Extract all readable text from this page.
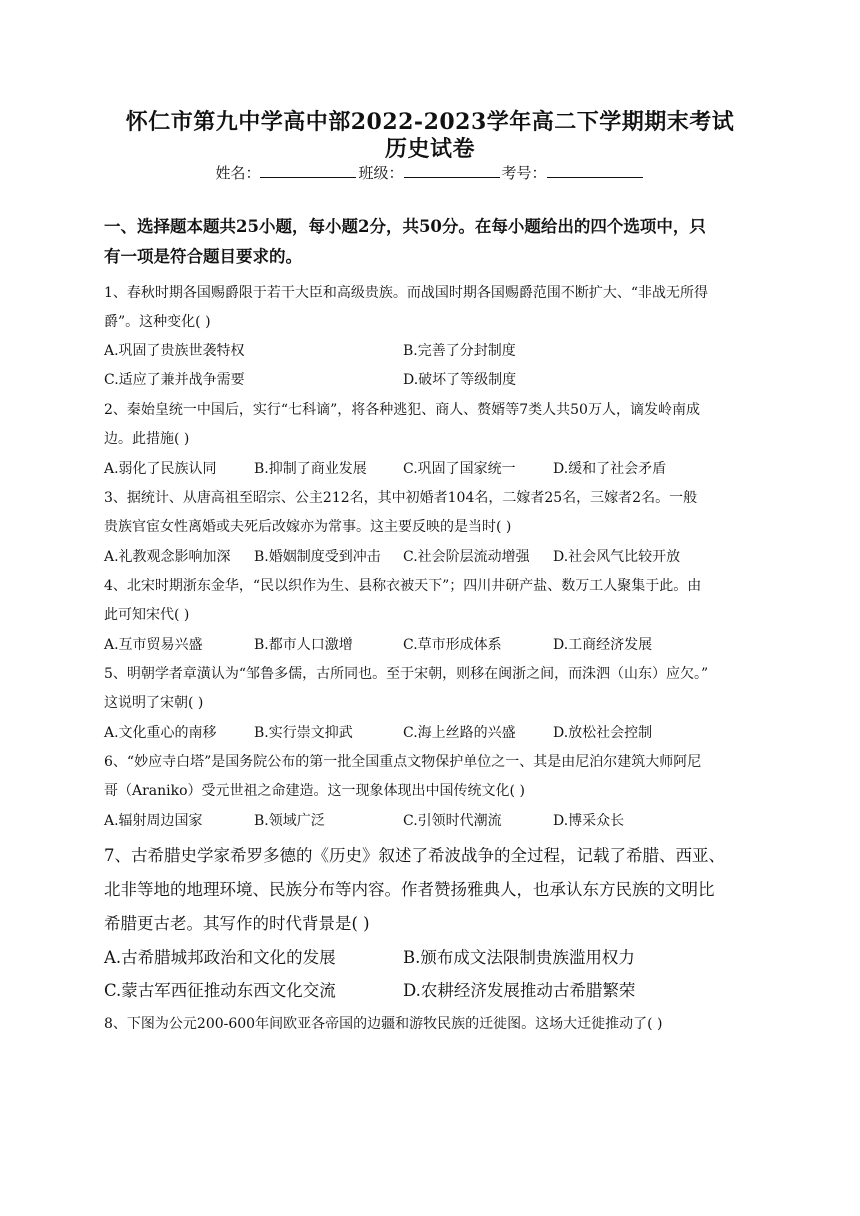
怀仁市第九中学高中部2022-2023学年高二下学期期末考试
历史试卷
姓名：	班级：	考号：
一、选择题本题共25小题，每小题2分，共50分。在每小题给出的四个选项中，只
有一项是符合题目要求的。
1、春秋时期各国赐爵限于若干大臣和高级贵族。而战国时期各国赐爵范围不断扩大、“非战无所得
爵”。这种变化( )
A.巩固了贵族世袭特权	B.完善了分封制度
C.适应了兼并战争需要	D.破坏了等级制度
2、秦始皇统一中国后，实行“七科谪”，将各种逃犯、商人、赘婿等7类人共50万人，谪发岭南成
边。此措施( )
A.弱化了民族认同	B.抑制了商业发展	C.巩固了国家统一	D.缓和了社会矛盾
3、据统计、从唐高祖至昭宗、公主212名，其中初婚者104名，二嫁者25名，三嫁者2名。一般
贵族官宦女性离婚或夫死后改嫁亦为常事。这主要反映的是当时( )
A.礼教观念影响加深 B.婚姻制度受到冲击 C.社会阶层流动增强 D.社会风气比较开放
4、北宋时期浙东金华，“民以织作为生、县称衣被天下”；四川井研产盐、数万工人聚集于此。由
此可知宋代( )
A.互市贸易兴盛	B.都市人口激增	C.草市形成体系	D.工商经济发展
5、明朝学者章潢认为“邹鲁多儒，古所同也。至于宋朝，则移在闽浙之间，而洙泗（山东）应欠。”
这说明了宋朝( )
A.文化重心的南移	B.实行崇文抑武	C.海上丝路的兴盛	D.放松社会控制
6、“妙应寺白塔”是国务院公布的第一批全国重点文物保护单位之一、其是由尼泊尔建筑大师阿尼
哥（Araniko）受元世祖之命建造。这一现象体现出中国传统文化( )
A.辐射周边国家	B.领域广泛	C.引领时代潮流	D.博采众长
7、古希腊史学家希罗多德的《历史》叙述了希波战争的全过程，记载了希腊、西亚、
北非等地的地理环境、民族分布等内容。作者赞扬雅典人，也承认东方民族的文明比
希腊更古老。其写作的时代背景是( )
A.古希腊城邦政治和文化的发展	B.颁布成文法限制贵族滥用权力
C.蒙古军西征推动东西文化交流	D.农耕经济发展推动古希腊繁荣
8、下图为公元200-600年间欧亚各帝国的边疆和游牧民族的迁徙图。这场大迁徙推动了( )
